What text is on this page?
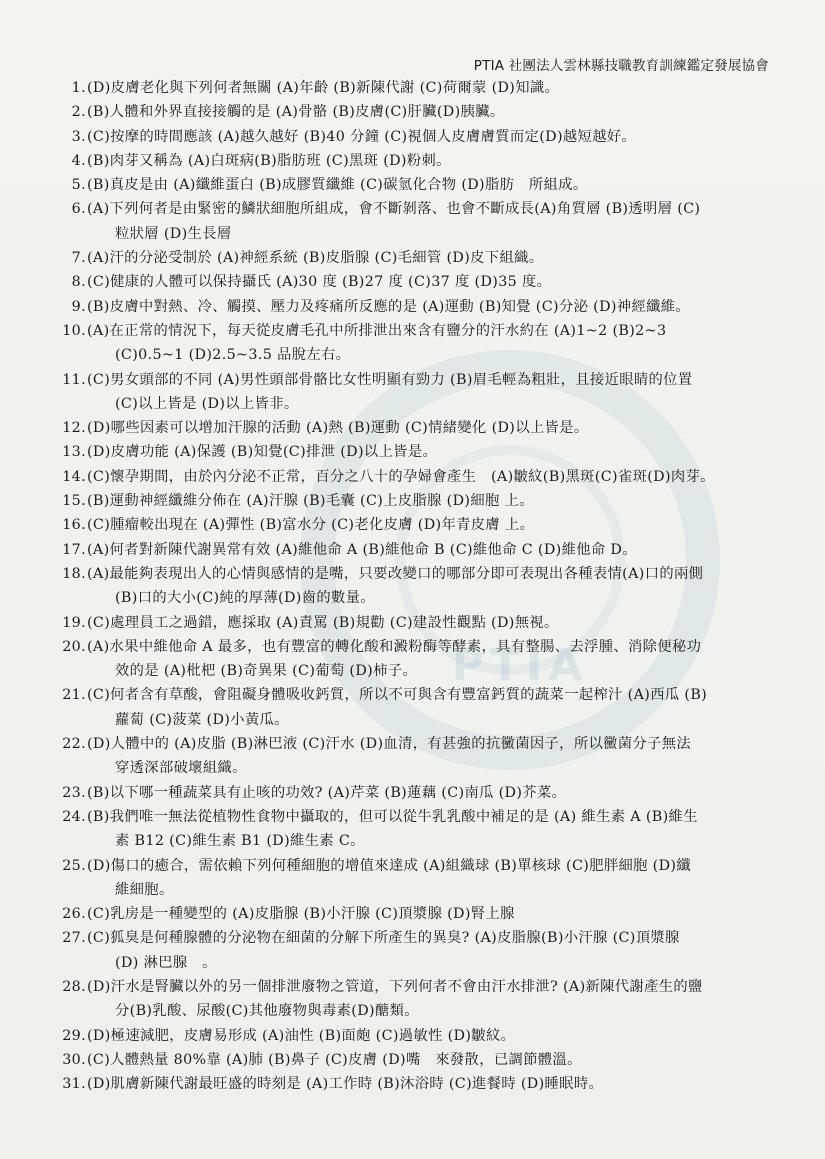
PTIA
PTIA 社團法人雲林縣技職教育訓練鑑定發展協會
1. (D)皮膚老化與下列何者無關 (A)年齡 (B)新陳代謝 (C)荷爾蒙 (D)知識。
2. (B)人體和外界直接接觸的是 (A)骨骼 (B)皮膚(C)肝臟(D)胰臟。
3. (C)按摩的時間應該 (A)越久越好 (B)40 分鐘 (C)視個人皮膚膚質而定(D)越短越好。
4. (B)肉芽又稱為 (A)白斑病(B)脂肪班 (C)黑斑 (D)粉刺。
5. (B)真皮是由 (A)纖維蛋白 (B)成膠質纖維 (C)碳氫化合物 (D)脂肪　所組成。
6. (A)下列何者是由緊密的鱗狀細胞所組成，會不斷剝落、也會不斷成長(A)角質層 (B)透明層 (C)
粒狀層 (D)生長層
7. (A)汗的分泌受制於 (A)神經系統 (B)皮脂腺 (C)毛細管 (D)皮下組織。
8. (C)健康的人體可以保持攝氏 (A)30 度 (B)27 度 (C)37 度 (D)35 度。
9. (B)皮膚中對熱、冷、觸摸、壓力及疼痛所反應的是 (A)運動 (B)知覺 (C)分泌 (D)神經纖維。
10. (A)在正常的情況下，每天從皮膚毛孔中所排泄出來含有鹽分的汗水約在 (A)1~2 (B)2~3
(C)0.5~1 (D)2.5~3.5 品脫左右。
11. (C)男女頭部的不同 (A)男性頭部骨骼比女性明顯有勁力 (B)眉毛輕為粗壯，且接近眼睛的位置
(C)以上皆是 (D)以上皆非。
12. (D)哪些因素可以增加汗腺的活動 (A)熱 (B)運動 (C)情緒變化 (D)以上皆是。
13. (D)皮膚功能 (A)保護 (B)知覺(C)排泄 (D)以上皆是。
14. (C)懷孕期間，由於內分泌不正常，百分之八十的孕婦會產生　(A)皺紋(B)黑斑(C)雀斑(D)肉芽。
15. (B)運動神經纖維分佈在 (A)汗腺 (B)毛囊 (C)上皮脂腺 (D)細胞 上。
16. (C)腫瘤較出現在 (A)彈性 (B)富水分 (C)老化皮膚 (D)年青皮膚 上。
17. (A)何者對新陳代謝異常有效 (A)維他命 A (B)維他命 B (C)維他命 C (D)維他命 D。
18. (A)最能夠表現出人的心情與感情的是嘴，只要改變口的哪部分即可表現出各種表情(A)口的兩側
(B)口的大小(C)純的厚薄(D)齒的數量。
19. (C)處理員工之過錯，應採取 (A)責罵 (B)規勸 (C)建設性觀點 (D)無視。
20. (A)水果中維他命 A 最多，也有豐富的轉化酸和澱粉酶等酵素，具有整腸、去浮腫、消除便秘功
效的是 (A)枇杷 (B)奇異果 (C)葡萄 (D)柿子。
21. (C)何者含有草酸，會阻礙身體吸收鈣質，所以不可與含有豐富鈣質的蔬菜一起榨汁 (A)西瓜 (B)
蘿蔔 (C)菠菜 (D)小黃瓜。
22. (D)人體中的 (A)皮脂 (B)淋巴液 (C)汗水 (D)血清，有甚強的抗黴菌因子，所以黴菌分子無法
穿透深部破壞組織。
23. (B)以下哪一種蔬菜具有止咳的功效? (A)芹菜 (B)蓮藕 (C)南瓜 (D)芥菜。
24. (B)我們唯一無法從植物性食物中攝取的，但可以從牛乳乳酸中補足的是 (A) 維生素 A (B)維生
素 B12 (C)維生素 B1 (D)維生素 C。
25. (D)傷口的癒合，需依賴下列何種細胞的增值來達成 (A)組織球 (B)單核球 (C)肥胖細胞 (D)纖
維細胞。
26. (C)乳房是一種變型的 (A)皮脂腺 (B)小汗腺 (C)頂漿腺 (D)腎上腺
27. (C)狐臭是何種腺體的分泌物在細菌的分解下所產生的異臭? (A)皮脂腺(B)小汗腺 (C)頂漿腺
(D) 淋巴腺　。
28. (D)汗水是腎臟以外的另一個排泄廢物之管道，下列何者不會由汗水排泄? (A)新陳代謝產生的鹽
分(B)乳酸、尿酸(C)其他廢物與毒素(D)醣類。
29. (D)極速減肥，皮膚易形成 (A)油性 (B)面皰 (C)過敏性 (D)皺紋。
30. (C)人體熱量 80%靠 (A)肺 (B)鼻子 (C)皮膚 (D)嘴　來發散，已調節體溫。
31. (D)肌膚新陳代謝最旺盛的時刻是 (A)工作時 (B)沐浴時 (C)進餐時 (D)睡眠時。
